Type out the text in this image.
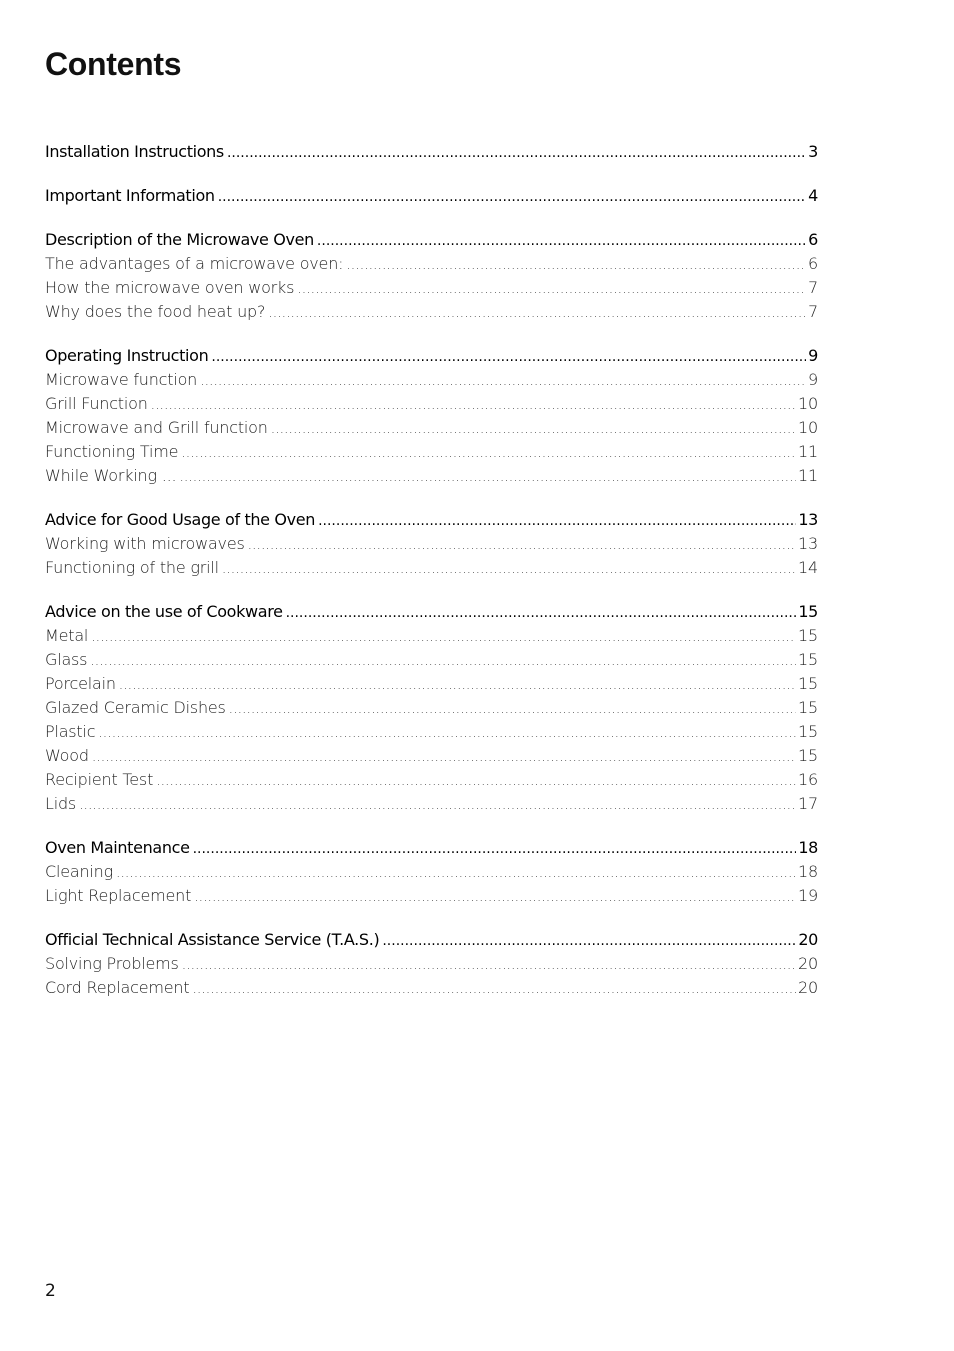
Contents
Installation Instructions .....	3
Important Information .....	4
Description of the Microwave Oven .....	6
The advantages of a microwave oven: .....	6
How the microwave oven works .....	7
Why does the food heat up? .....	7
Operating Instruction .....	9
Microwave function .....	9
Grill Function .....	10
Microwave and Grill function .....	10
Functioning Time .....	11
While Working ... .....	11
Advice for Good Usage of the Oven .....	13
Working with microwaves .....	13
Functioning of the grill .....	14
Advice on the use of Cookware .....	15
Metal .....	15
Glass .....	15
Porcelain .....	15
Glazed Ceramic Dishes .....	15
Plastic .....	15
Wood .....	15
Recipient Test .....	16
Lids .....	17
Oven Maintenance .....	18
Cleaning .....	18
Light Replacement .....	19
Official Technical Assistance Service (T.A.S.) .....	20
Solving Problems .....	20
Cord Replacement .....	20
2
